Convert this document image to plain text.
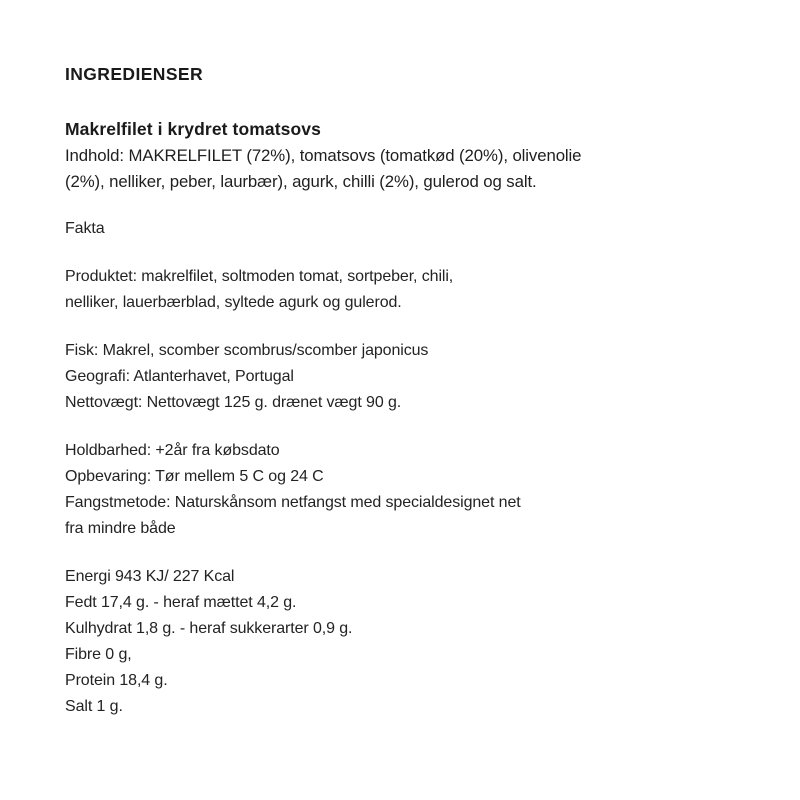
INGREDIENSER
Makrelfilet i krydret tomatsovs
Indhold: MAKRELFILET (72%), tomatsovs (tomatkød (20%), olivenolie
(2%), nelliker, peber, laurbær), agurk, chilli (2%), gulerod og salt.
Fakta
Produktet: makrelfilet, soltmoden tomat, sortpeber, chili,
nelliker, lauerbærblad, syltede agurk og gulerod.
Fisk: Makrel, scomber scombrus/scomber japonicus
Geografi: Atlanterhavet, Portugal
Nettovægt: Nettovægt 125 g. drænet vægt 90 g.
Holdbarhed: +2år fra købsdato
Opbevaring: Tør mellem 5 C og 24 C
Fangstmetode: Naturskånsom netfangst med specialdesignet net
fra mindre både
Energi 943 KJ/ 227 Kcal
Fedt 17,4 g. - heraf mættet 4,2 g.
Kulhydrat 1,8 g. - heraf sukkerarter 0,9 g.
Fibre 0 g,
Protein 18,4 g.
Salt 1 g.
